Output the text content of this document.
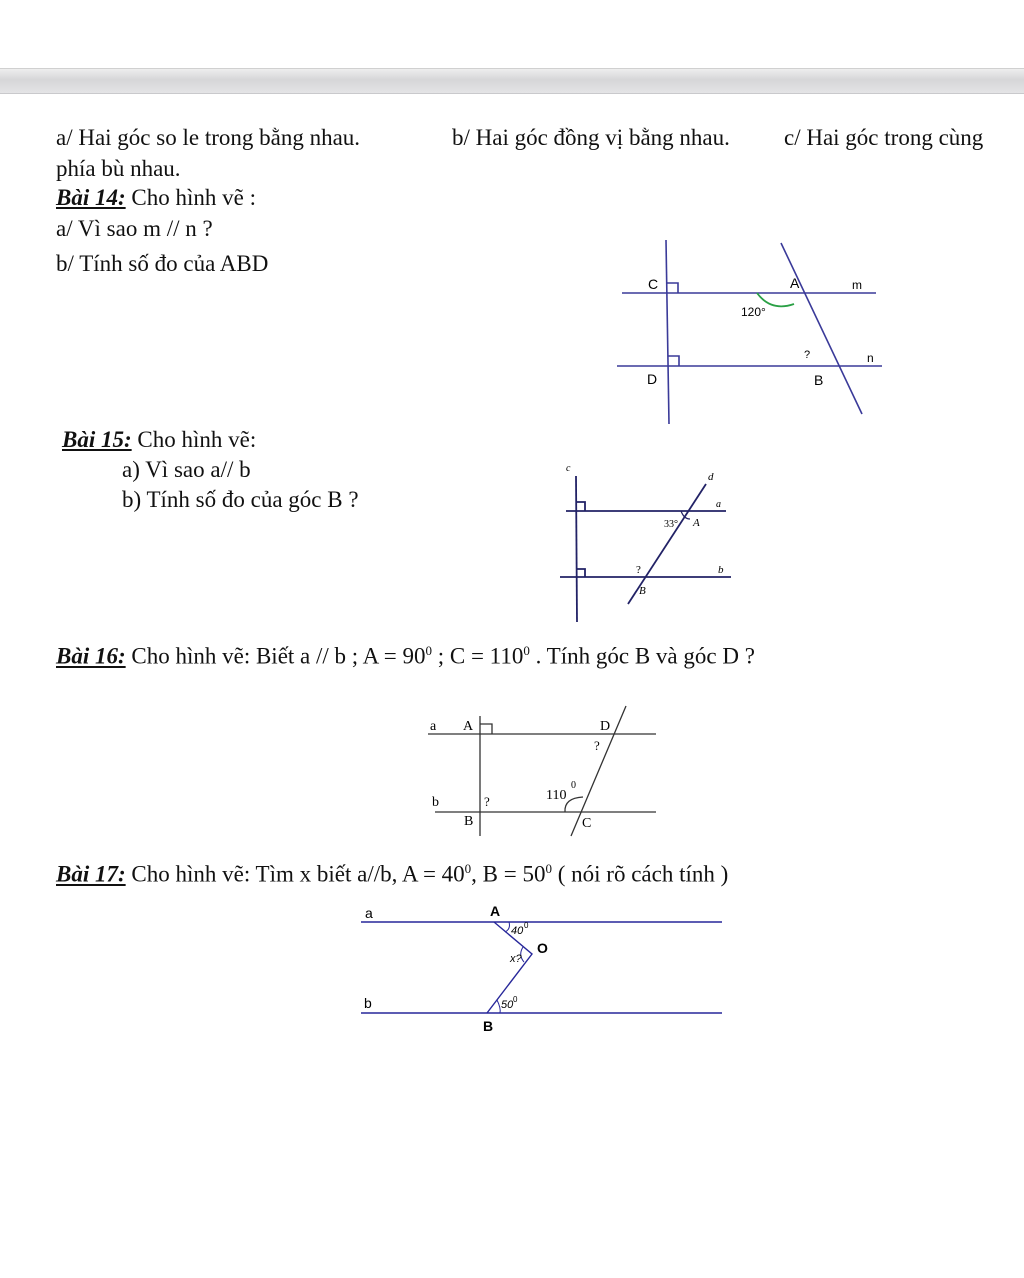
a/ Hai góc so le trong bằng nhau.	b/ Hai góc đồng vị bằng nhau. c/ Hai góc trong cùng
phía bù nhau.
Bài 14: Cho hình vẽ :
a/ Vì sao m // n ?
b/ Tính số đo của ABD
C	A	m
120°
?	n
D	B
Bài 15: Cho hình vẽ:
a) Vì sao a// b
b) Tính số đo của góc B ?
c
d
a
33° A
?	b
B
Bài 16: Cho hình vẽ: Biết a // b ; $A = 90^0$ ; $C = 110^0$ . Tính góc B và góc D ?
a A	D
?
110
0
b	?
B	C
Bài 17: Cho hình vẽ: Tìm x biết a//b, $A = 40^0$, $B = 50^0$ ( nói rõ cách tính )
a	A
40 0
O
x?
b	50 0
B
